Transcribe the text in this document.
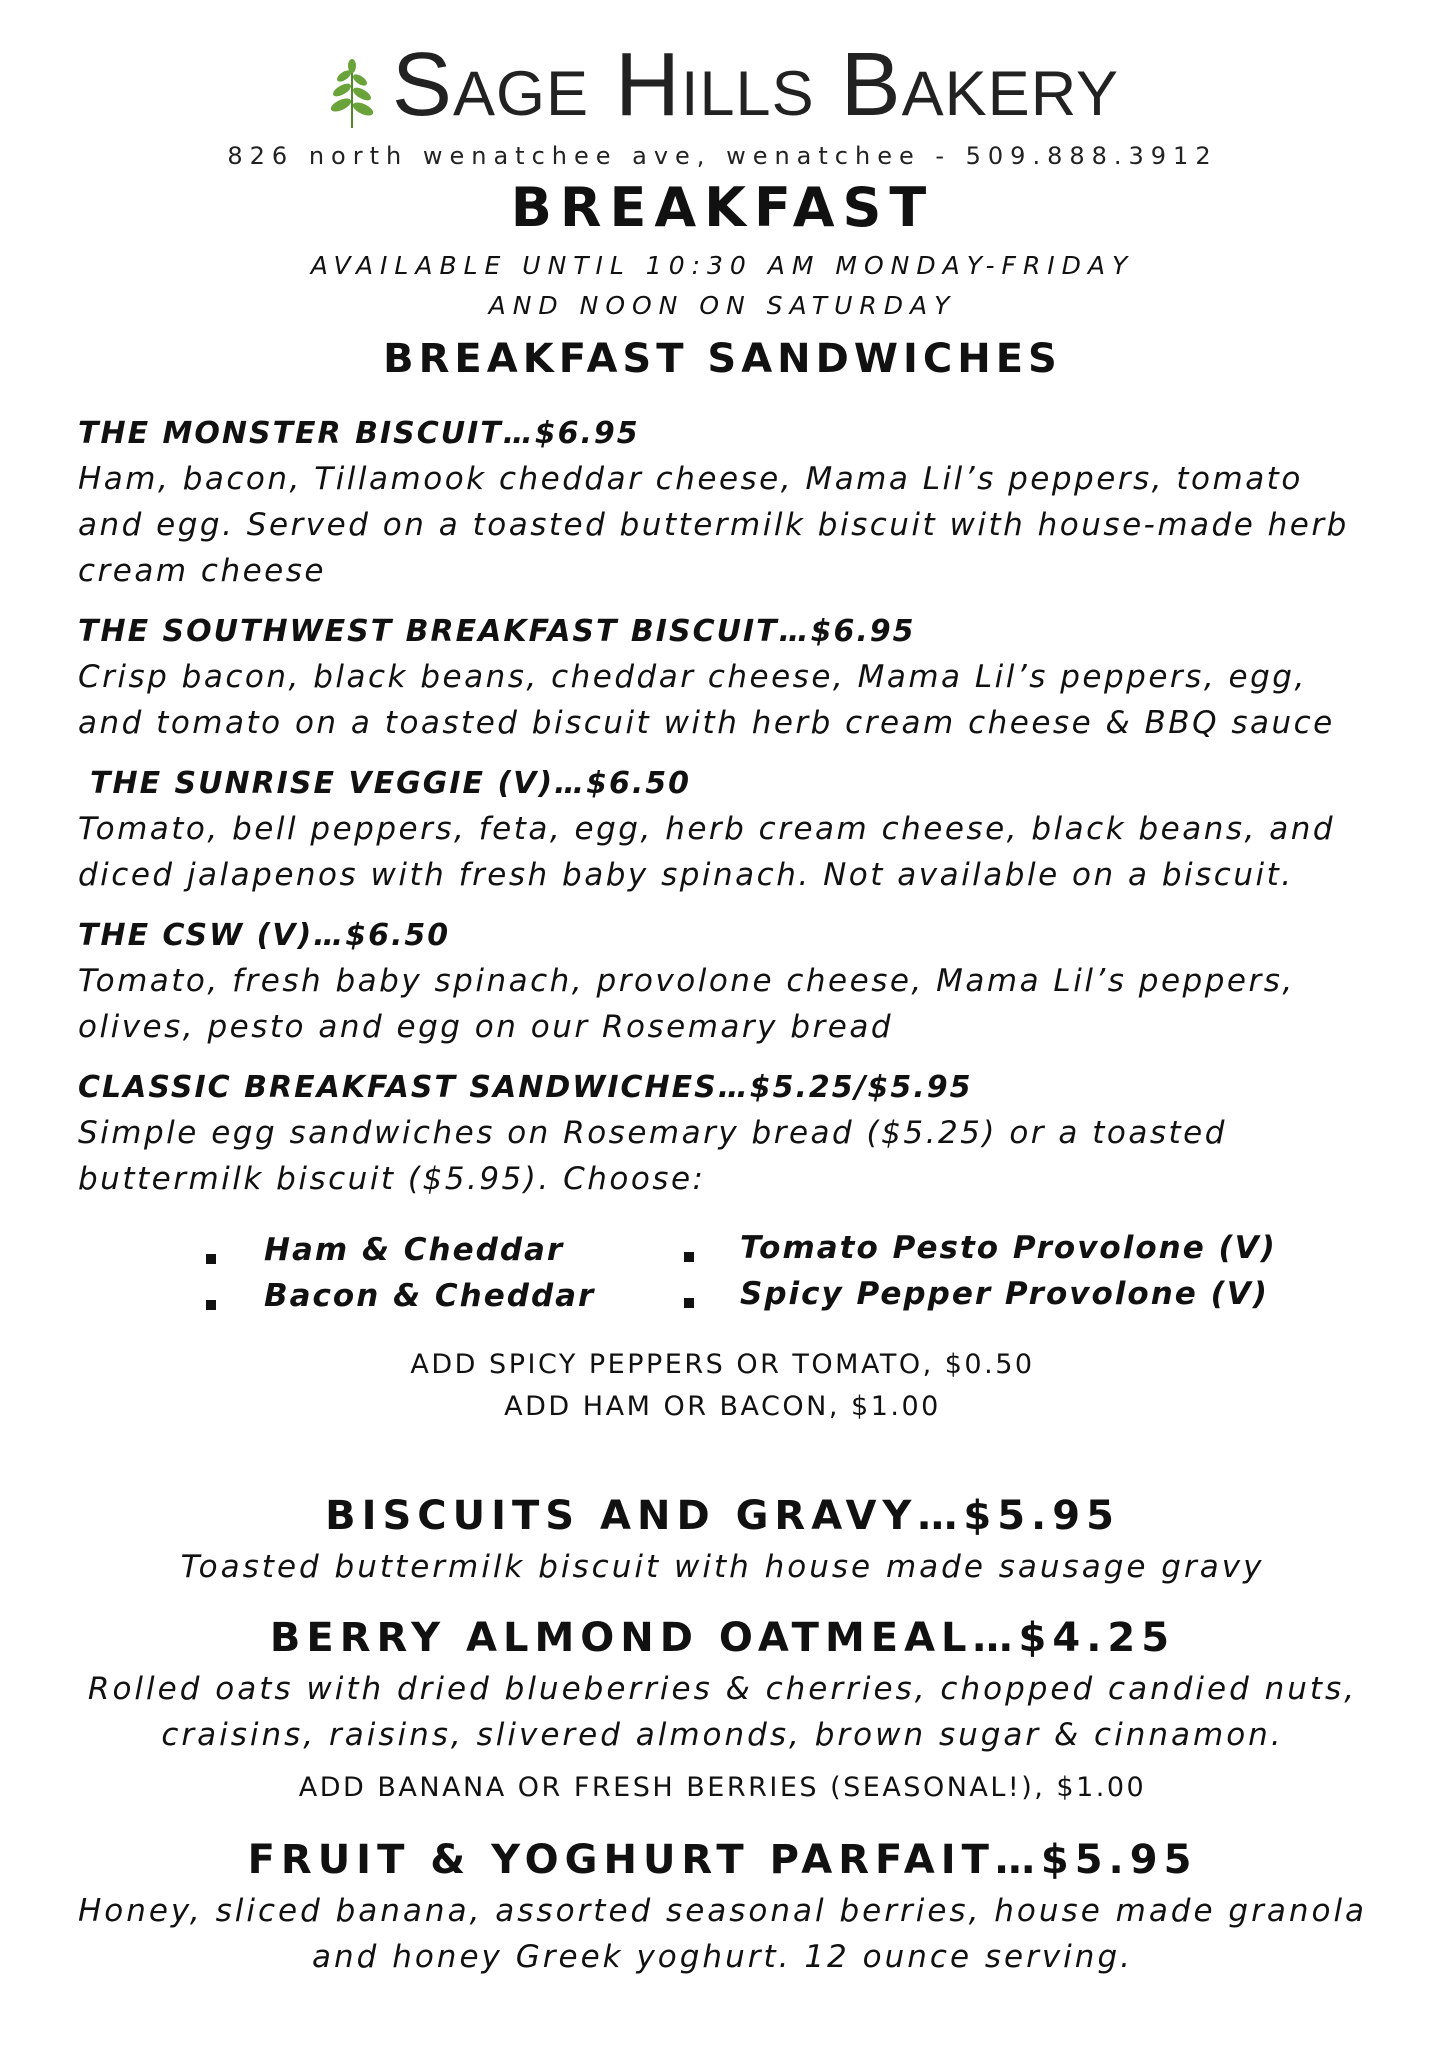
Sage Hills Bakery
826 north wenatchee ave, wenatchee - 509.888.3912
BREAKFAST
AVAILABLE UNTIL 10:30 AM MONDAY-FRIDAY
AND NOON ON SATURDAY
BREAKFAST SANDWICHES
THE MONSTER BISCUIT…$6.95
Ham, bacon, Tillamook cheddar cheese, Mama Lil’s peppers, tomato
and egg. Served on a toasted buttermilk biscuit with house-made herb
cream cheese
THE SOUTHWEST BREAKFAST BISCUIT…$6.95
Crisp bacon, black beans, cheddar cheese, Mama Lil’s peppers, egg,
and tomato on a toasted biscuit with herb cream cheese & BBQ sauce
THE SUNRISE VEGGIE (V)…$6.50
Tomato, bell peppers, feta, egg, herb cream cheese, black beans, and
diced jalapenos with fresh baby spinach. Not available on a biscuit.
THE CSW (V)…$6.50
Tomato, fresh baby spinach, provolone cheese, Mama Lil’s peppers,
olives, pesto and egg on our Rosemary bread
CLASSIC BREAKFAST SANDWICHES…$5.25/$5.95
Simple egg sandwiches on Rosemary bread ($5.25) or a toasted
buttermilk biscuit ($5.95). Choose:
Ham & Cheddar
Bacon & Cheddar
Tomato Pesto Provolone (V)
Spicy Pepper Provolone (V)
ADD SPICY PEPPERS OR TOMATO, $0.50
ADD HAM OR BACON, $1.00
BISCUITS AND GRAVY…$5.95
Toasted buttermilk biscuit with house made sausage gravy
BERRY ALMOND OATMEAL…$4.25
Rolled oats with dried blueberries & cherries, chopped candied nuts,
craisins, raisins, slivered almonds, brown sugar & cinnamon.
ADD BANANA OR FRESH BERRIES (SEASONAL!), $1.00
FRUIT & YOGHURT PARFAIT…$5.95
Honey, sliced banana, assorted seasonal berries, house made granola
and honey Greek yoghurt. 12 ounce serving.
